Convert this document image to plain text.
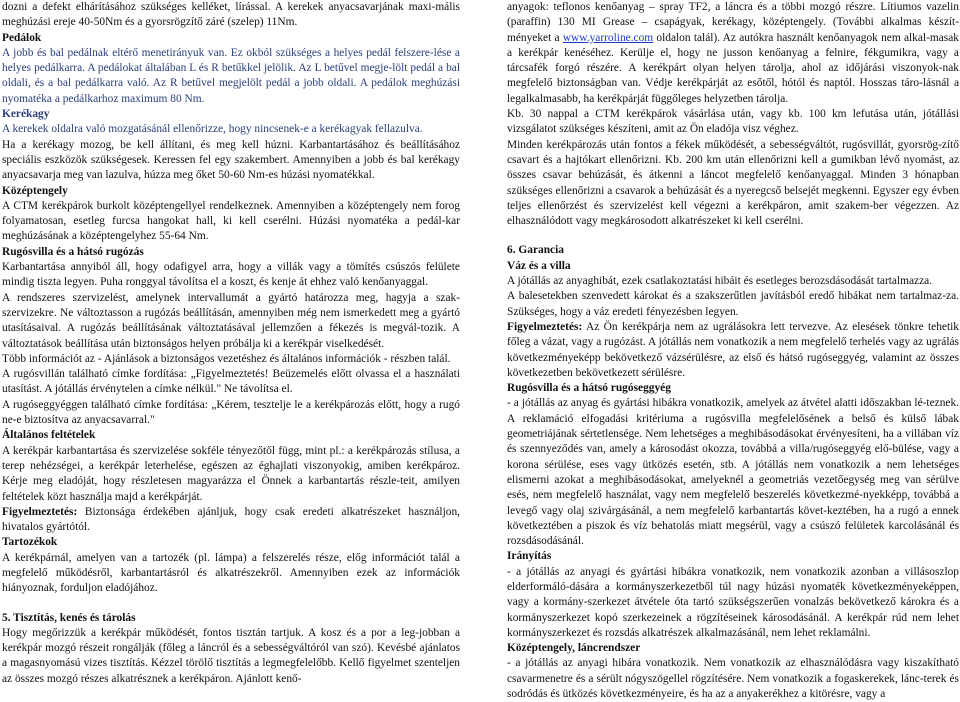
dozni a defekt elhárításához szükséges kelléket, lírással. A kerekek anyacsavarjának maxi-mális meghúzási ereje 40-50Nm és a gyorsrögzítő záré (szelep) 11Nm.

Pedálok

A jobb és bal pedálnak eltérő menetirányuk van. Ez okból szükséges a helyes pedál felszere-lése a helyes pedálkarra. A pedálokat általában L és R betűkkel jelölik. Az L betűvel megje-lölt pedál a bal oldali, és a bal pedálkarra való. Az R betűvel megjelölt pedál a jobb oldali. A pedálok meghúzási nyomatéka a pedálkarhoz maximum 80 Nm.

Kerékagy

A kerekek oldalra való mozgatásánál ellenőrizze, hogy nincsenek-e a kerékagyak fellazulva.

Ha a kerékagy mozog, be kell állítani, és meg kell húzni. Karbantartásához és beállításához speciális eszközök szükségesek. Keressen fel egy szakembert. Amennyiben a jobb és bal kerékagy anyacsavarja meg van lazulva, húzza meg őket 50-60 Nm-es húzási nyomatékkal.

Középtengely

A CTM kerékpárok burkolt középtengellyel rendelkeznek. Amennyiben a középtengely nem forog folyamatosan, esetleg furcsa hangokat hall, ki kell cserélni. Húzási nyomatéka a pedál-kar meghúzásának a középtengelyhez 55-64 Nm.

Rugósvilla és a hátsó rugózás

Karbantartása annyiból áll, hogy odafigyel arra, hogy a villák vagy a tömítés csúszós felülete mindig tiszta legyen. Puha ronggyal távolítsa el a koszt, és kenje át ehhez való kenőanyaggal.

A rendszeres szervizelést, amelynek intervallumát a gyártó határozza meg, hagyja a szak-szervizekre. Ne változtasson a rugózás beállításán, amennyiben még nem ismerkedett meg a gyártó utasításaival. A rugózás beállításának változtatásával jellemzően a fékezés is megvál-tozik. A változtatások beállítása után biztonságos helyen próbálja ki a kerékpár viselkedését.

Több információt az - Ajánlások a biztonságos vezetéshez és általános információk - részben talál.

A rugósvillán található címke fordítása: „Figyelmeztetés! Beüzemelés előtt olvassa el a használati utasítást. A jótállás érvénytelen a címke nélkül." Ne távolítsa el.

A rugóseggyéggen található címke fordítása: „Kérem, tesztelje le a kerékpározás előtt, hogy a rugó ne-e biztosítva az anyacsavarral."

Általános feltételek

A kerékpár karbantartása és szervizelése sokféle tényezőtől függ, mint pl.: a kerékpározás stílusa, a terep nehézségei, a kerékpár leterhelése, egészen az éghajlati viszonyokig, amiben kerékpároz. Kérje meg eladóját, hogy részletesen magyarázza el Önnek a karbantartás részle-teit, amilyen feltételek közt használja majd a kerékpárját.

Figyelmeztetés: Biztonsága érdekében ajánljuk, hogy csak eredeti alkatrészeket használjon, hivatalos gyártótól.

Tartozékok

A kerékpárnál, amelyen van a tartozék (pl. lámpa) a felszerelés része, előg információt talál a megfelelő működésről, karbantartásról és alkatrészekről. Amennyiben ezek az információk hiányoznak, forduljon eladójához.

5. Tisztítás, kenés és tárolás

Hogy megőrizzük a kerékpár működését, fontos tisztán tartjuk. A kosz és a por a leg-jobban a kerékpár mozgó részeit rongálják (főleg a láncról és a sebességváltóról van szó). Kevésbé ajánlatos a magasnyomású vizes tisztítás. Kézzel törölő tisztítás a legmegfelelőbb. Kellő figyelmet szenteljen az összes mozgó részes alkatrésznek a kerékpáron. Ajánlott kenő-

anyagok: teflonos kenőanyag – spray TF2, a láncra és a többi mozgó részre. Lítiumos vazelin (paraffin) 130 MI Grease – csapágyak, kerékagy, középtengely. (További alkalmas készít-ményeket a www.yarroline.com oldalon talál). Az autókra használt kenőanyagok nem alkal-masak a kerékpár kenéséhez. Kerülje el, hogy ne jusson kenőanyag a felnire, fékgumikra, vagy a tárcsafék forgó részére. A kerékpárt olyan helyen tárolja, ahol az időjárási viszonyok-nak megfelelő biztonságban van. Védje kerékpárját az esőtől, hótól és naptól. Hosszas táro-lásnál a legalkalmasabb, ha kerékpárját függőleges helyzetben tárolja.

Kb. 30 nappal a CTM kerékpárok vásárlása után, vagy kb. 100 km lefutása után, jótállási vizsgálatot szükséges készíteni, amit az Ön eladója visz véghez.

Minden kerékpározás után fontos a fékek működését, a sebességváltót, rugósvillát, gyorsrög-zítő csavart és a hajtókart ellenőrizni. Kb. 200 km után ellenőrizni kell a gumikban lévő nyomást, az összes csavar behúzását, és átkenni a láncot megfelelő kenőanyaggal. Minden 3 hónapban szükséges ellenőrizni a csavarok a behúzását és a nyeregcső belsejét megkenni. Egyszer egy évben teljes ellenőrzést és szervizelést kell végezni a kerékpáron, amit szakem-ber végezzen. Az elhasználódott vagy megkárosodott alkatrészeket ki kell cserélni.

6. Garancia

Váz és a villa

A jótállás az anyaghibát, ezek csatlakoztatási hibáit és esetleges berozsdásodását tartalmazza.

A balesetekben szenvedett károkat és a szakszerűtlen javításból eredő hibákat nem tartalmaz-za. Szükséges, hogy a váz eredeti fényezésben legyen.

Figyelmeztetés: Az Ön kerékpárja nem az ugrálásokra lett tervezve. Az elesések tönkre tehetik főleg a vázat, vagy a rugózást. A jótállás nem vonatkozik a nem megfelelő terhelés vagy az ugrálás következményeképp bekövetkező vázsérülésre, az első és hátsó rugóseggyég, valamint az összes következetben bekövetkezett sérülésre.

Rugósvilla és a hátsó rugóseggyég

- a jótállás az anyag és gyártási hibákra vonatkozik, amelyek az átvétel alatti időszakban lé-teznek. A reklamáció elfogadási kritériuma a rugósvilla megfelelősének a belső és külső lábak geometriájának sértetlensége. Nem lehetséges a meghibásodásokat érvényesíteni, ha a villában víz és szennyeződés van, amely a károsodást okozza, továbbá a villa/rugóseggyég elő-bülése, vagy a korona sérülése, eses vagy ütközés esetén, stb. A jótállás nem vonatkozik a nem lehetséges elismerni azokat a meghibásodásokat, amelyeknél a geometriás vezetőegység meg van sérülve esés, nem megfelelő használat, vagy nem megfelelő beszerelés következmé-nyekképp, továbbá a levegő vagy olaj szivárgásánál, a nem megfelelő karbantartás követ-keztében, ha a rugó a ennek következtében a piszok és víz behatolás miatt megsérül, vagy a csúszó felületek karcolásánál és rozsdásodásánál.

Irányítás

- a jótállás az anyagi és gyártási hibákra vonatkozik, nem vonatkozik azonban a villásoszlop elderformáló-dására a kormányszerkezetből túl nagy húzási nyomaték következményeképpen, vagy a kormány-szerkezet átvétele óta tartó szükségszerűen vonalzás bekövetkező károkra és a kormányszerkezet kopó szerkezeinek a rögzítéseinek károsodásánál. A kerékpár rúd nem lehet kormányszerkezet és rozsdás alkatrészek alkalmazásánál, nem lehet reklamálni.

Középtengely, láncrendszer

- a jótállás az anyagi hibára vonatkozik. Nem vonatkozik az elhasználódásra vagy kiszakítható csavarmenetre és a sérült nógyszögellel rögzítésére. Nem vonatkozik a fogaskerekek, lánc-terek és sodródás és ütközés következményeire, és ha az a anyakerékhez a kitörésre, vagy a
